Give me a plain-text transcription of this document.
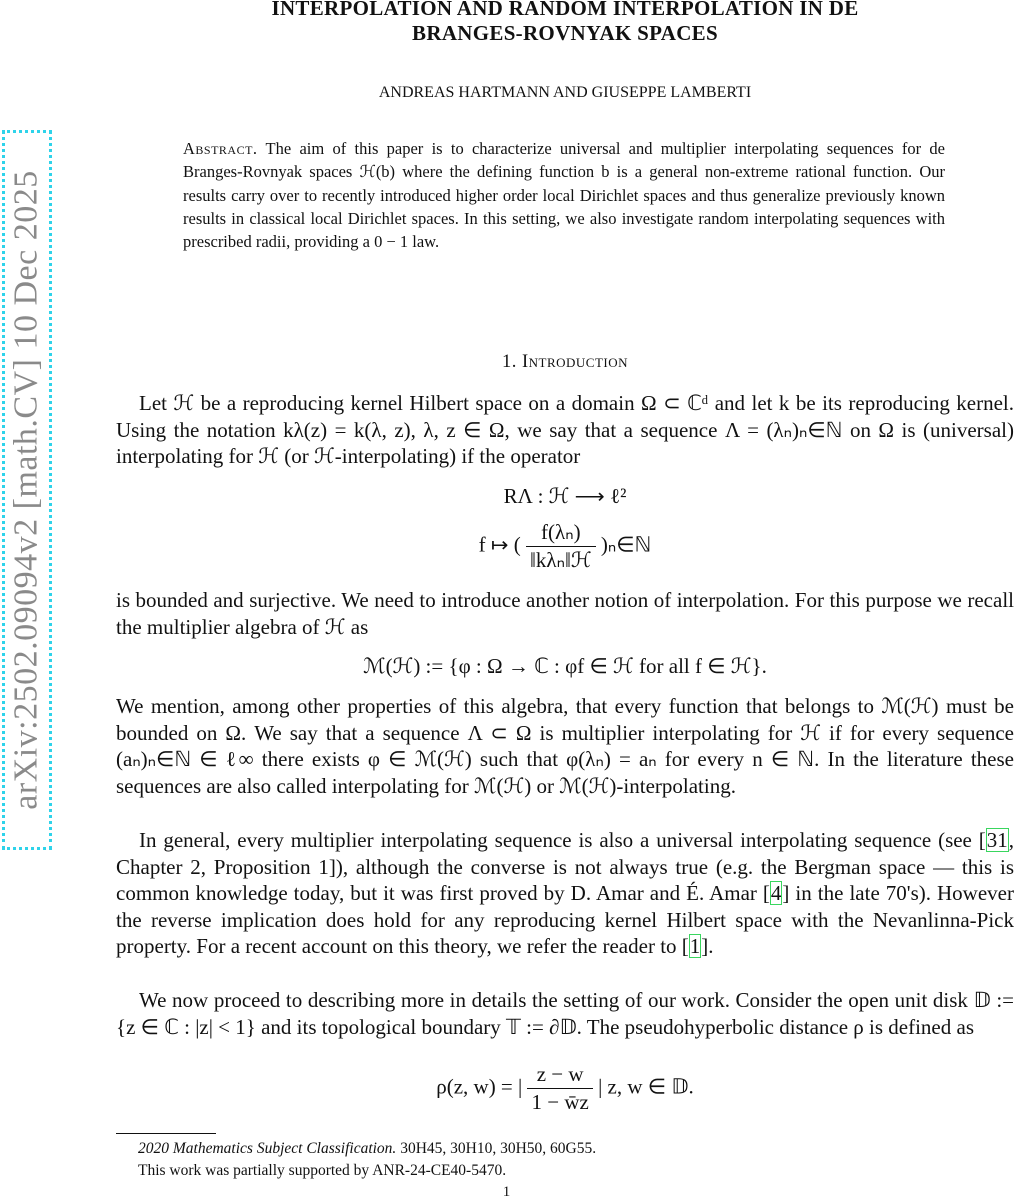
arXiv:2502.09094v2 [math.CV] 10 Dec 2025
INTERPOLATION AND RANDOM INTERPOLATION IN DE
BRANGES-ROVNYAK SPACES
ANDREAS HARTMANN AND GIUSEPPE LAMBERTI
Abstract. The aim of this paper is to characterize universal and multiplier interpolating sequences for de Branges-Rovnyak spaces ℋ(b) where the defining function b is a general non-extreme rational function. Our results carry over to recently introduced higher order local Dirichlet spaces and thus generalize previously known results in classical local Dirichlet spaces. In this setting, we also investigate random interpolating sequences with prescribed radii, providing a 0 − 1 law.
1. Introduction
Let ℋ be a reproducing kernel Hilbert space on a domain Ω ⊂ ℂᵈ and let k be its reproducing kernel. Using the notation kλ(z) = k(λ, z), λ, z ∈ Ω, we say that a sequence Λ = (λₙ)ₙ∈ℕ on Ω is (universal) interpolating for ℋ (or ℋ-interpolating) if the operator
RΛ : ℋ ⟶ ℓ²
f ↦ ( $\frac{\text{f(λₙ)}}{\text{‖kλₙ‖ℋ}}$ )ₙ∈ℕ
is bounded and surjective. We need to introduce another notion of interpolation. For this purpose we recall the multiplier algebra of ℋ as
ℳ(ℋ) := {φ : Ω → ℂ : φf ∈ ℋ for all f ∈ ℋ}.
We mention, among other properties of this algebra, that every function that belongs to ℳ(ℋ) must be bounded on Ω. We say that a sequence Λ ⊂ Ω is multiplier interpolating for ℋ if for every sequence (aₙ)ₙ∈ℕ ∈ ℓ∞ there exists φ ∈ ℳ(ℋ) such that φ(λₙ) = aₙ for every n ∈ ℕ. In the literature these sequences are also called interpolating for ℳ(ℋ) or ℳ(ℋ)-interpolating.
In general, every multiplier interpolating sequence is also a universal interpolating sequence (see [31, Chapter 2, Proposition 1]), although the converse is not always true (e.g. the Bergman space — this is common knowledge today, but it was first proved by D. Amar and É. Amar [4] in the late 70's). However the reverse implication does hold for any reproducing kernel Hilbert space with the Nevanlinna-Pick property. For a recent account on this theory, we refer the reader to [1].
We now proceed to describing more in details the setting of our work. Consider the open unit disk 𝔻 := {z ∈ ℂ : |z| < 1} and its topological boundary 𝕋 := ∂𝔻. The pseudohyperbolic distance ρ is defined as
ρ(z, w) = | $\frac{z - w}{1 - w̄z}$ | z, w ∈ 𝔻.
2020 Mathematics Subject Classification. 30H45, 30H10, 30H50, 60G55.
This work was partially supported by ANR-24-CE40-5470.
1
